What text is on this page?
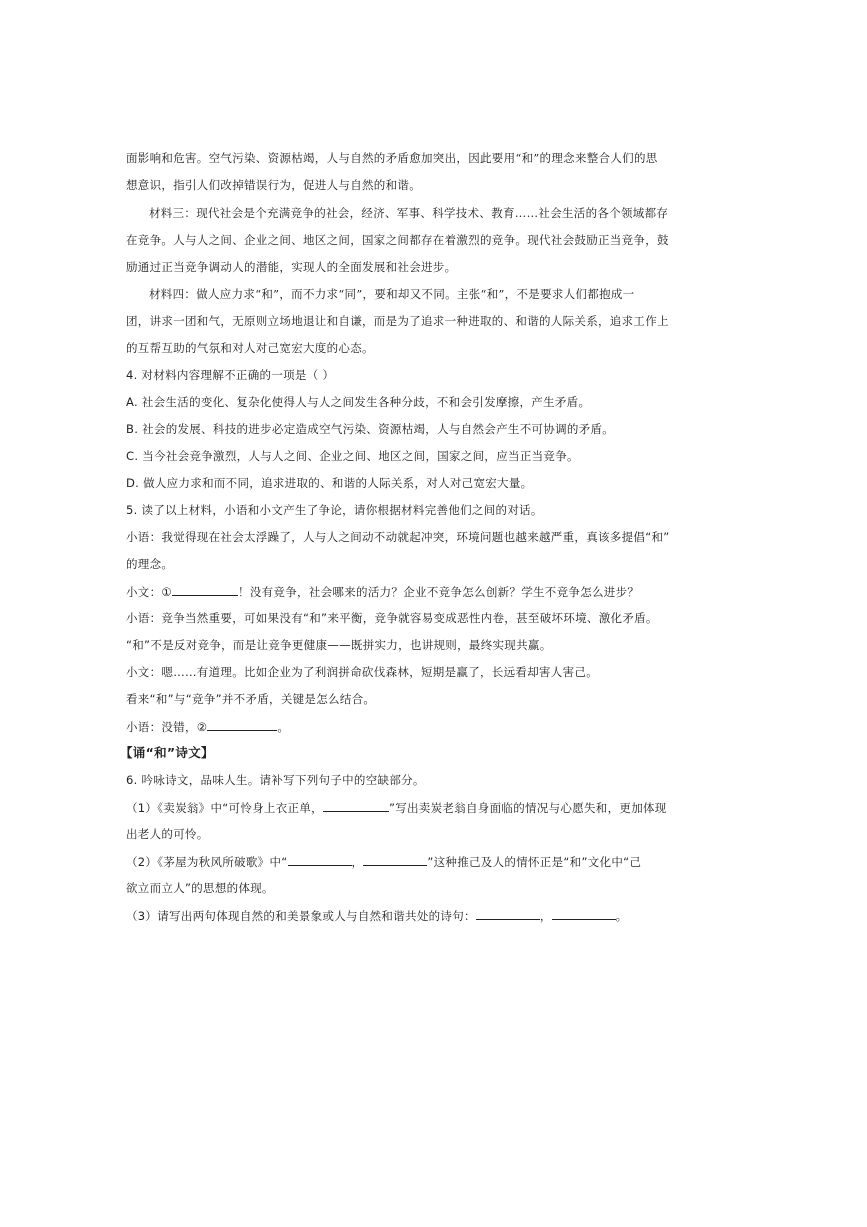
面影响和危害。空气污染、资源枯竭，人与自然的矛盾愈加突出，因此要用“和”的理念来整合人们的思
想意识，指引人们改掉错误行为，促进人与自然的和谐。
材料三：现代社会是个充满竞争的社会，经济、军事、科学技术、教育……社会生活的各个领域都存
在竞争。人与人之间、企业之间、地区之间，国家之间都存在着激烈的竞争。现代社会鼓励正当竞争，鼓
励通过正当竞争调动人的潜能，实现人的全面发展和社会进步。
材料四：做人应力求“和”，而不力求“同”，要和却又不同。主张“和”，不是要求人们都抱成一
团，讲求一团和气，无原则立场地退让和自谦，而是为了追求一种进取的、和谐的人际关系，追求工作上
的互帮互助的气氛和对人对己宽宏大度的心态。
4. 对材料内容理解不正确的一项是（ ）
A. 社会生活的变化、复杂化使得人与人之间发生各种分歧，不和会引发摩擦，产生矛盾。
B. 社会的发展、科技的进步必定造成空气污染、资源枯竭，人与自然会产生不可协调的矛盾。
C. 当今社会竞争激烈，人与人之间、企业之间、地区之间，国家之间，应当正当竞争。
D. 做人应力求和而不同，追求进取的、和谐的人际关系，对人对己宽宏大量。
5. 读了以上材料，小语和小文产生了争论，请你根据材料完善他们之间的对话。
小语：我觉得现在社会太浮躁了，人与人之间动不动就起冲突，环境问题也越来越严重，真该多提倡“和”
的理念。
小文：①	！没有竞争，社会哪来的活力？企业不竞争怎么创新？学生不竞争怎么进步？
小语：竞争当然重要，可如果没有“和”来平衡，竞争就容易变成恶性内卷，甚至破坏环境、激化矛盾。
“和”不是反对竞争，而是让竞争更健康——既拼实力，也讲规则，最终实现共赢。
小文：嗯……有道理。比如企业为了利润拼命砍伐森林，短期是赢了，长远看却害人害己。
看来“和”与“竞争”并不矛盾，关键是怎么结合。
小语：没错，②	。
【诵“和”诗文】
6. 吟咏诗文，品味人生。请补写下列句子中的空缺部分。
（1）《卖炭翁》中“可怜身上衣正单，	”写出卖炭老翁自身面临的情况与心愿失和，更加体现
出老人的可怜。
（2）《茅屋为秋风所破歌》中“	，	”这种推己及人的情怀正是“和”文化中“己
欲立而立人”的思想的体现。
（3）请写出两句体现自然的和美景象或人与自然和谐共处的诗句：	，	。
